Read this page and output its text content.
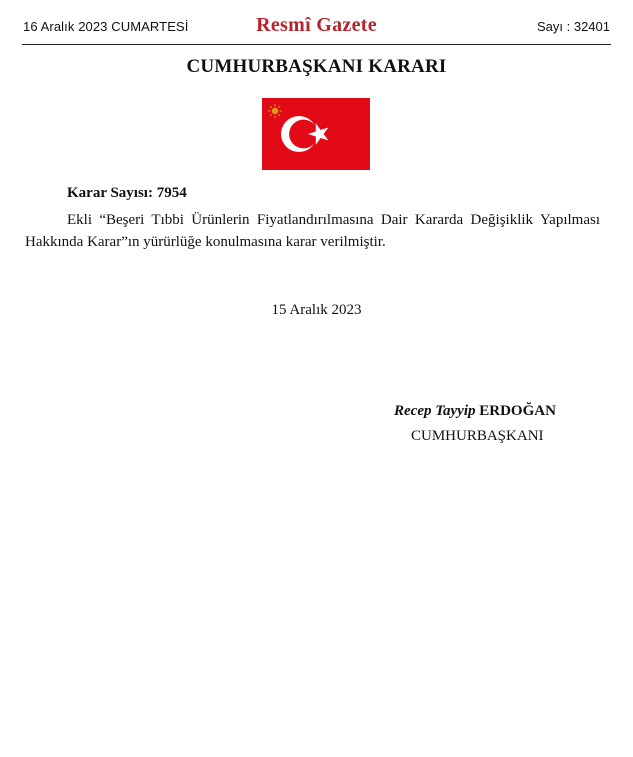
16 Aralık 2023 CUMARTESİ	Resmî Gazete	Sayı : 32401
CUMHURBAŞKANI KARARI
Karar Sayısı: 7954
Ekli “Beşeri Tıbbi Ürünlerin Fiyatlandırılmasına Dair Kararda Değişiklik Yapılması
Hakkında Karar”ın yürürlüğe konulmasına karar verilmiştir.
15 Aralık 2023
Recep Tayyip ERDOĞAN
CUMHURBAŞKANI
